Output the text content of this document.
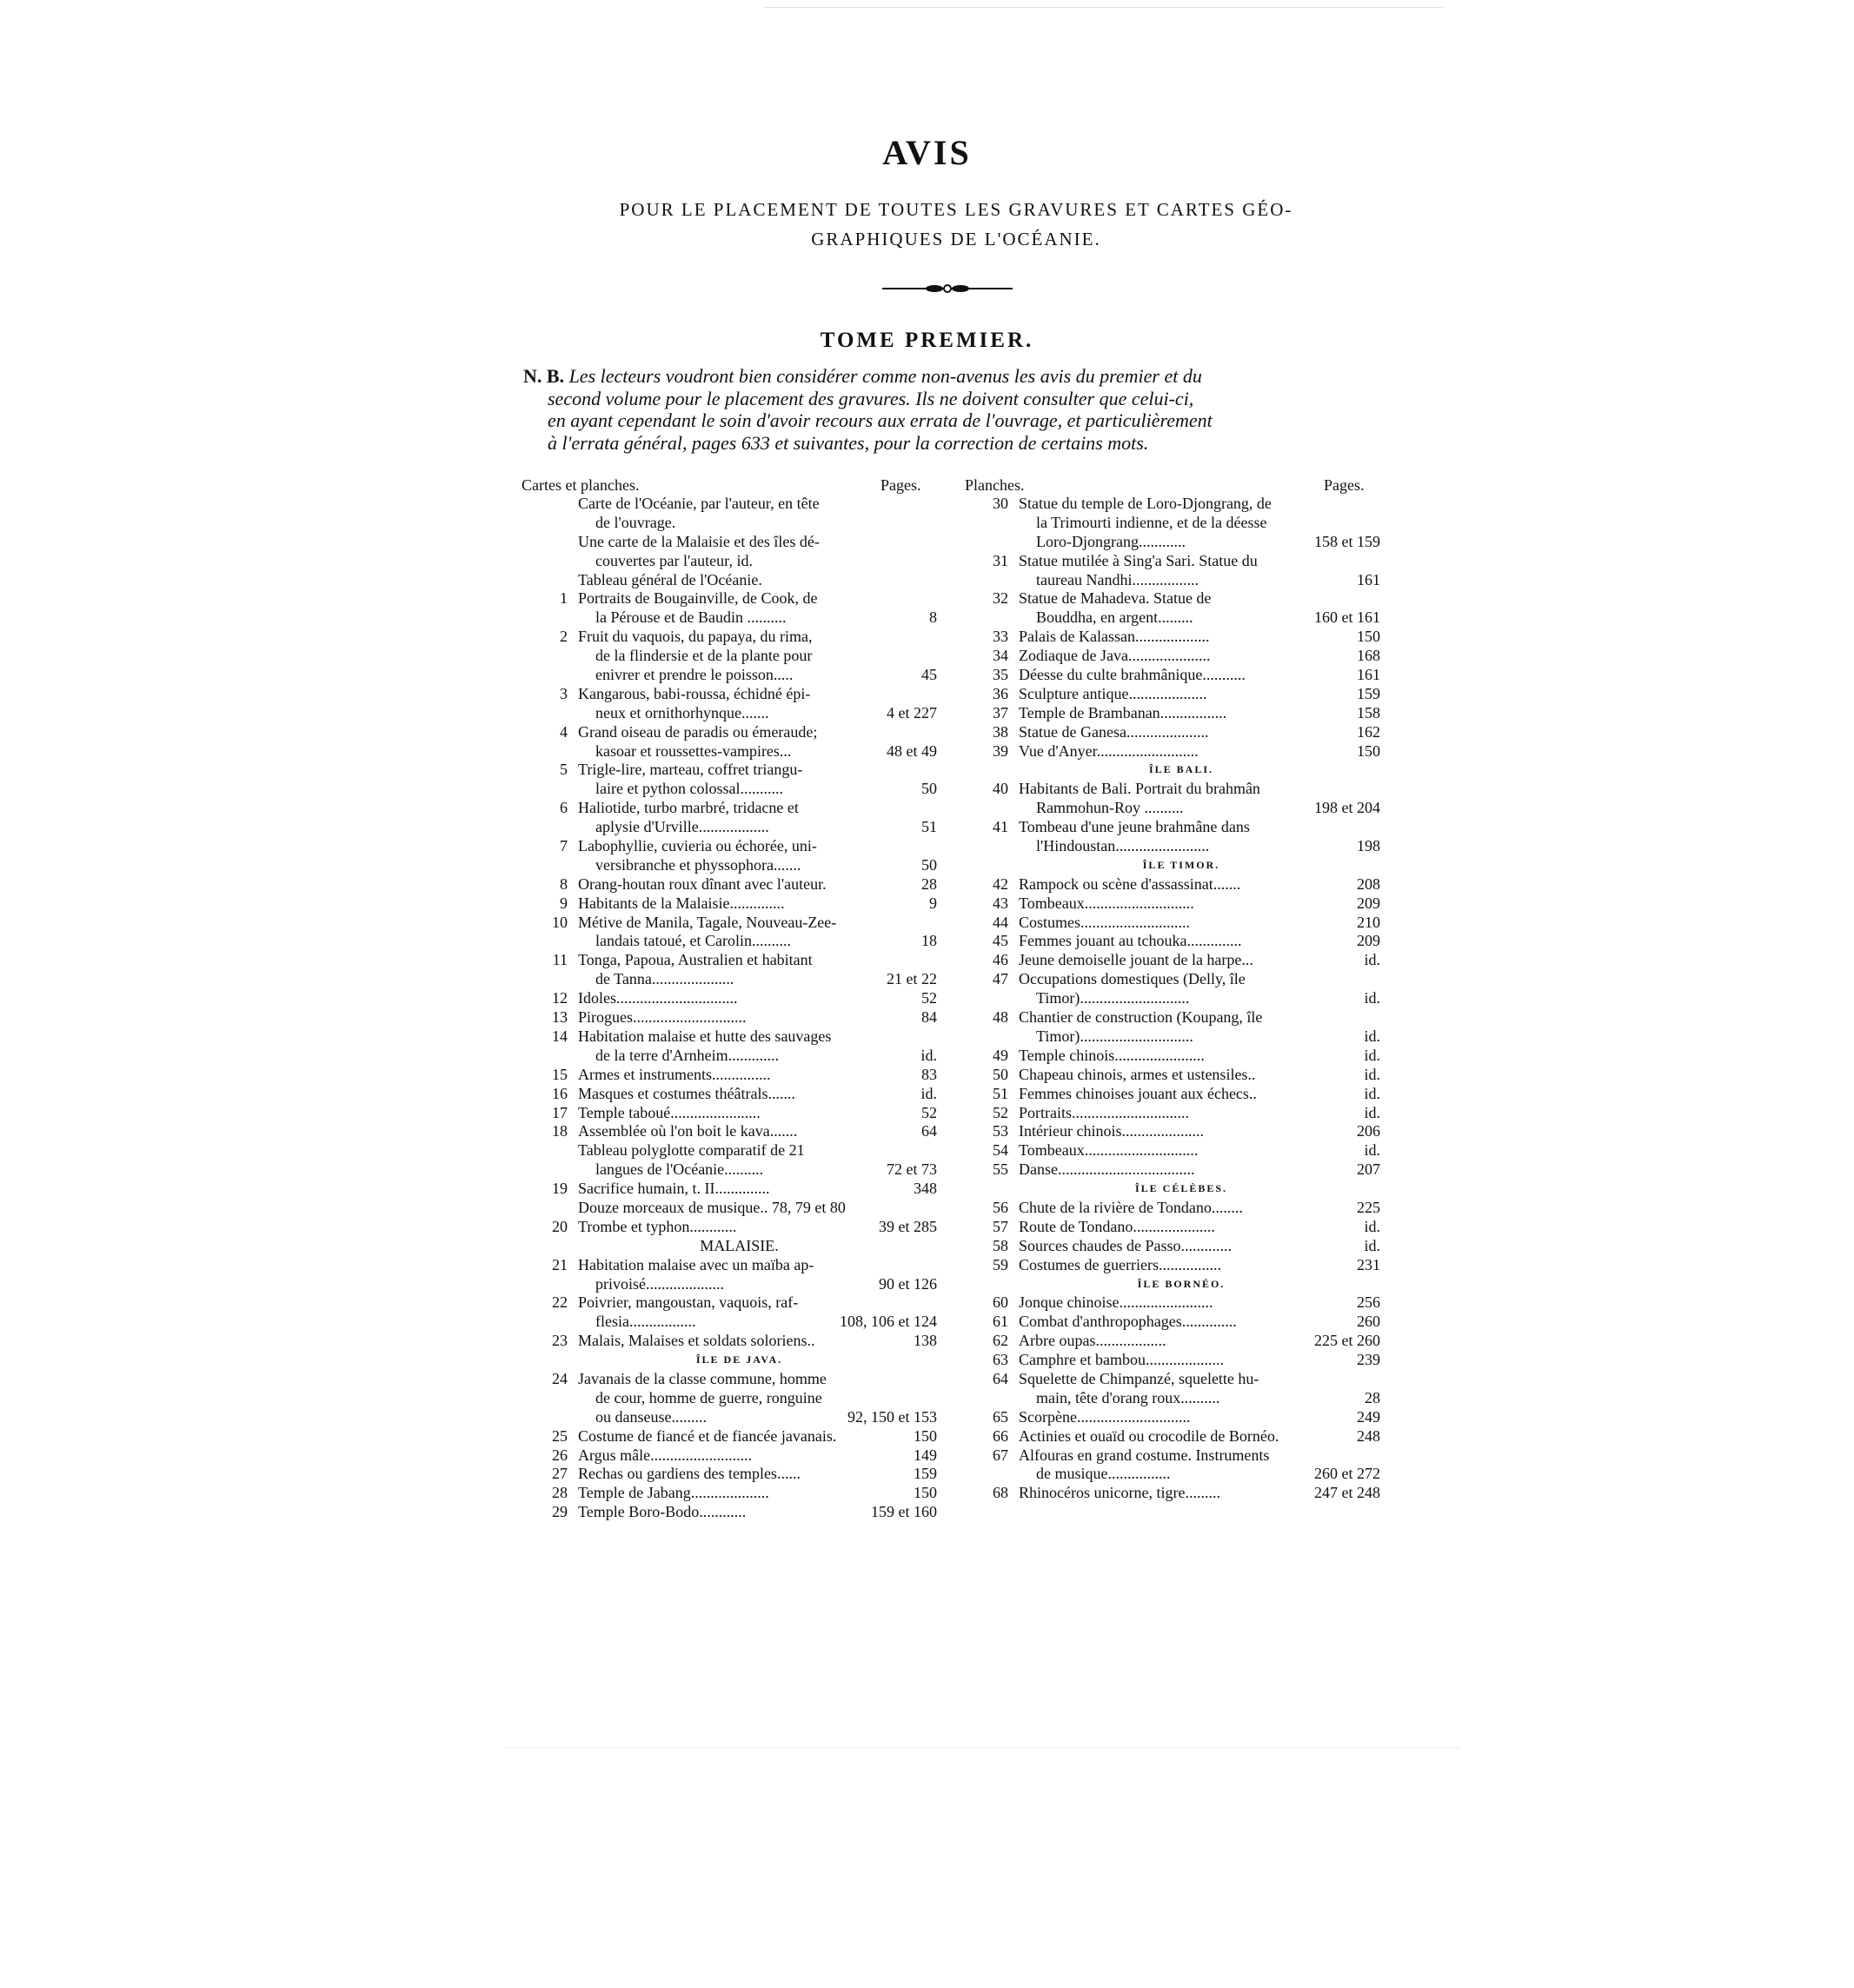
AVIS
POUR LE PLACEMENT DE TOUTES LES GRAVURES ET CARTES GÉO-
GRAPHIQUES DE L'OCÉANIE.
TOME PREMIER.
N. B. Les lecteurs voudront bien considérer comme non-avenus les avis du premier et du
second volume pour le placement des gravures. Ils ne doivent consulter que celui-ci,
en ayant cependant le soin d'avoir recours aux errata de l'ouvrage, et particulièrement
à l'errata général, pages 633 et suivantes, pour la correction de certains mots.
Cartes et planches.	Pages.	Planches.	Pages.
Carte de l'Océanie, par l'auteur, en tête
de l'ouvrage.
Une carte de la Malaisie et des îles dé-
couvertes par l'auteur, id.
Tableau général de l'Océanie.
1 Portraits de Bougainville, de Cook, de
la Pérouse et de Baudin ..........	8
2 Fruit du vaquois, du papaya, du rima,
de la flindersie et de la plante pour
enivrer et prendre le poisson.....	45
3 Kangarous, babi-roussa, échidné épi-
neux et ornithorhynque.......	4 et 227
4 Grand oiseau de paradis ou émeraude;
kasoar et roussettes-vampires...	48 et 49
5 Trigle-lire, marteau, coffret triangu-
laire et python colossal...........	50
6 Haliotide, turbo marbré, tridacne et
aplysie d'Urville..................	51
7 Labophyllie, cuvieria ou échorée, uni-
versibranche et physsophora.......	50
8 Orang-houtan roux dînant avec l'auteur.	28
9 Habitants de la Malaisie..............	9
10 Métive de Manila, Tagale, Nouveau-Zee-
landais tatoué, et Carolin..........	18
11 Tonga, Papoua, Australien et habitant
de Tanna.....................	21 et 22
12 Idoles...............................	52
13 Pirogues.............................	84
14 Habitation malaise et hutte des sauvages
de la terre d'Arnheim.............	id.
15 Armes et instruments...............	83
16 Masques et costumes théâtrals.......	id.
17 Temple taboué.......................	52
18 Assemblée où l'on boit le kava.......	64
Tableau polyglotte comparatif de 21
langues de l'Océanie..........	72 et 73
19 Sacrifice humain, t. II..............	348
Douze morceaux de musique.. 78, 79 et 80
20 Trombe et typhon............	39 et 285
MALAISIE.
21 Habitation malaise avec un maïba ap-
privoisé....................	90 et 126
22 Poivrier, mangoustan, vaquois, raf-
flesia.................	108, 106 et 124
23 Malais, Malaises et soldats soloriens..	138
ÎLE DE JAVA.
24 Javanais de la classe commune, homme
de cour, homme de guerre, ronguine
ou danseuse.........	92, 150 et 153
25 Costume de fiancé et de fiancée javanais.	150
26 Argus mâle..........................	149
27 Rechas ou gardiens des temples......	159
28 Temple de Jabang....................	150
29 Temple Boro-Bodo............	159 et 160
30 Statue du temple de Loro-Djongrang, de
la Trimourti indienne, et de la déesse
Loro-Djongrang............	158 et 159
31 Statue mutilée à Sing'a Sari. Statue du
taureau Nandhi.................	161
32 Statue de Mahadeva. Statue de
Bouddha, en argent.........	160 et 161
33 Palais de Kalassan...................	150
34 Zodiaque de Java.....................	168
35 Déesse du culte brahmânique...........	161
36 Sculpture antique....................	159
37 Temple de Brambanan.................	158
38 Statue de Ganesa.....................	162
39 Vue d'Anyer..........................	150
ÎLE BALI.
40 Habitants de Bali. Portrait du brahmân
Rammohun-Roy ..........	198 et 204
41 Tombeau d'une jeune brahmâne dans
l'Hindoustan........................	198
ÎLE TIMOR.
42 Rampock ou scène d'assassinat.......	208
43 Tombeaux............................	209
44 Costumes............................	210
45 Femmes jouant au tchouka..............	209
46 Jeune demoiselle jouant de la harpe...	id.
47 Occupations domestiques (Delly, île
Timor)............................	id.
48 Chantier de construction (Koupang, île
Timor).............................	id.
49 Temple chinois.......................	id.
50 Chapeau chinois, armes et ustensiles..	id.
51 Femmes chinoises jouant aux échecs..	id.
52 Portraits..............................	id.
53 Intérieur chinois.....................	206
54 Tombeaux.............................	id.
55 Danse...................................	207
ÎLE CÉLÈBES.
56 Chute de la rivière de Tondano........	225
57 Route de Tondano.....................	id.
58 Sources chaudes de Passo.............	id.
59 Costumes de guerriers................	231
ÎLE BORNÉO.
60 Jonque chinoise........................	256
61 Combat d'anthropophages..............	260
62 Arbre oupas..................	225 et 260
63 Camphre et bambou....................	239
64 Squelette de Chimpanzé, squelette hu-
main, tête d'orang roux..........	28
65 Scorpène.............................	249
66 Actinies et ouaïd ou crocodile de Bornéo.	248
67 Alfouras en grand costume. Instruments
de musique................	260 et 272
68 Rhinocéros unicorne, tigre.........	247 et 248
